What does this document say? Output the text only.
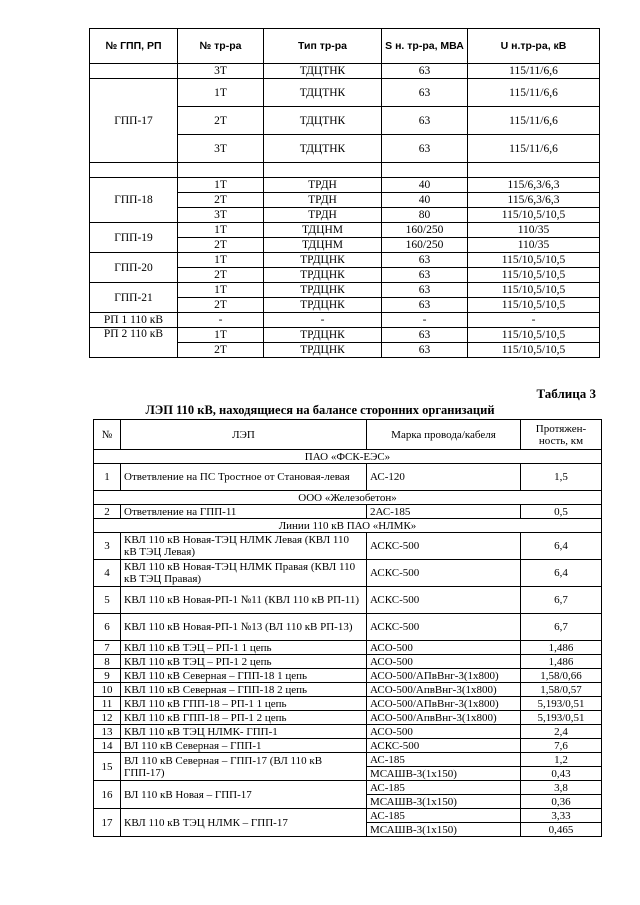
№ ГПП, РП	№ тр-ра	Тип тр-ра	S н. тр-ра, МВА	U н.тр-ра, кВ
	3Т	ТДЦТНК	63	115/11/6,6
ГПП-17	1Т	ТДЦТНК	63	115/11/6,6
	2Т	ТДЦТНК	63	115/11/6,6
	3Т	ТДЦТНК	63	115/11/6,6

ГПП-18	1Т	ТРДН	40	115/6,3/6,3
	2Т	ТРДН	40	115/6,3/6,3
	3Т	ТРДН	80	115/10,5/10,5
ГПП-19	1Т	ТДЦНМ	160/250	110/35
	2Т	ТДЦНМ	160/250	110/35
ГПП-20	1Т	ТРДЦНК	63	115/10,5/10,5
	2Т	ТРДЦНК	63	115/10,5/10,5
ГПП-21	1Т	ТРДЦНК	63	115/10,5/10,5
	2Т	ТРДЦНК	63	115/10,5/10,5
РП 1 110 кВ	-	-	-	-
РП 2 110 кВ	1Т	ТРДЦНК	63	115/10,5/10,5
	2Т	ТРДЦНК	63	115/10,5/10,5
Таблица 3
ЛЭП 110 кВ, находящиеся на балансе сторонних организаций
№	ЛЭП	Марка провода/кабеля	Протяжен-ность, км
ПАО «ФСК-ЕЭС»			
1	Ответвление на ПС Тростное от Становая-левая	АС-120	1,5
ООО «Железобетон»			
2	Ответвление на ГПП-11	2АС-185	0,5
Линии 110 кВ ПАО «НЛМК»			
3	КВЛ 110 кВ Новая-ТЭЦ НЛМК Левая (КВЛ 110 кВ ТЭЦ Левая)	АСКС-500	6,4
4	КВЛ 110 кВ Новая-ТЭЦ НЛМК Правая (КВЛ 110 кВ ТЭЦ Правая)	АСКС-500	6,4
5	КВЛ 110 кВ Новая-РП-1 №11 (КВЛ 110 кВ РП-11)	АСКС-500	6,7
6	КВЛ 110 кВ Новая-РП-1 №13 (ВЛ 110 кВ РП-13)	АСКС-500	6,7
7	КВЛ 110 кВ ТЭЦ – РП-1 1 цепь	АСО-500	1,486
8	КВЛ 110 кВ ТЭЦ – РП-1 2 цепь	АСО-500	1,486
9	КВЛ 110 кВ Северная – ГПП-18 1 цепь	АСО-500/АПвВнг-3(1х800)	1,58/0,66
10	КВЛ 110 кВ Северная – ГПП-18 2 цепь	АСО-500/АпвВнг-3(1х800)	1,58/0,57
11	КВЛ 110 кВ ГПП-18 – РП-1 1 цепь	АСО-500/АПвВнг-3(1х800)	5,193/0,51
12	КВЛ 110 кВ ГПП-18 – РП-1 2 цепь	АСО-500/АпвВнг-3(1х800)	5,193/0,51
13	КВЛ 110 кВ ТЭЦ НЛМК- ГПП-1	АСО-500	2,4
14	ВЛ 110 кВ Северная – ГПП-1	АСКС-500	7,6
15	ВЛ 110 кВ Северная – ГПП-17 (ВЛ 110 кВ ГПП-17)	АС-185	1,2
		МСАШВ-3(1х150)	0,43
16	ВЛ 110 кВ Новая – ГПП-17	АС-185	3,8
		МСАШВ-3(1х150)	0,36
17	КВЛ 110 кВ ТЭЦ НЛМК – ГПП-17	АС-185	3,33
		МСАШВ-3(1х150)	0,465
